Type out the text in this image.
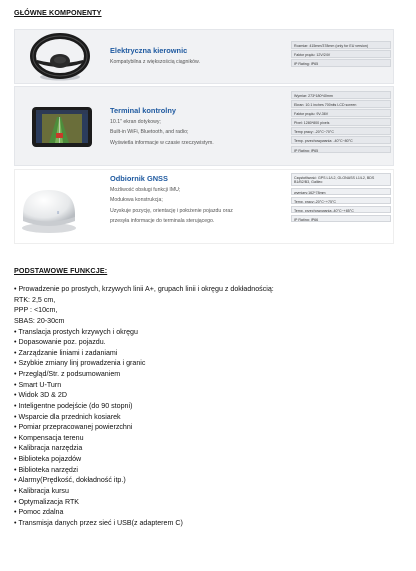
GŁÓWNE KOMPONENTY
Elektryczna kierownic
Kompatybilna z większością ciągników.
Rozmiar: 415mm/378mm (only for EU version)
Faktor prądu: 12V/24V
IP Rating: IP65
Terminal kontrolny
10.1" ekran dotykowy;
Built-in WiFi, Bluetooth, and radio;
Wyświetla informacje w czasie rzeczywistym.
Wymiar: 273*180*40mm
Ekran: 10.1 inches 700nits LCD screen
Faktor prądu: 9V-36V
Pixel: 1280*800 pixels
Temp pracy: -20°C~70°C
Temp. przechowywania: -40°C~80°C
IP Rating: IP65
≡
Odbiornik GNSS
Możliwość obsługi funkcji IMU;
Modułowa konstrukcja;
Uzyskuje pozycję, orientację i położenie pojazdu oraz
przesyła informacje do terminala sterującego.
Częstotliwość: GPS L1/L2, GLONASS L1/L2, BDS B1/B2/B3, Galileo
wymiary:162*78mm
Temp. pracy:-20°C~+75°C
Temp. przechowywania:-40°C~+85°C
IP Rating: IP66
PODSTAWOWE FUNKCJE:
• Prowadzenie po prostych, krzywych linii A+, grupach linii i okręgu z dokładnością:
RTK: 2,5 cm,
PPP : <10cm,
SBAS: 20-30cm
• Translacja prostych krzywych i okręgu
• Dopasowanie poz. pojazdu.
• Zarządzanie liniami i zadaniami
• Szybkie zmiany linj prowadzenia i granic
• Przegląd/Str. z podsumowaniem
• Smart U-Turn
• Widok 3D & 2D
• Inteligentne podejście (do 90 stopni)
• Wsparcie dla przednich kosiarek
• Pomiar przepracowanej powierzchni
• Kompensacja terenu
• Kalibracja narzędzia
• Biblioteka pojazdów
• Biblioteka narzędzi
• Alarmy(Prędkość, dokładność itp.)
• Kalibracja kursu
• Optymalizacja RTK
• Pomoc zdalna
• Transmisja danych przez sieć i USB(z adapterem C)
